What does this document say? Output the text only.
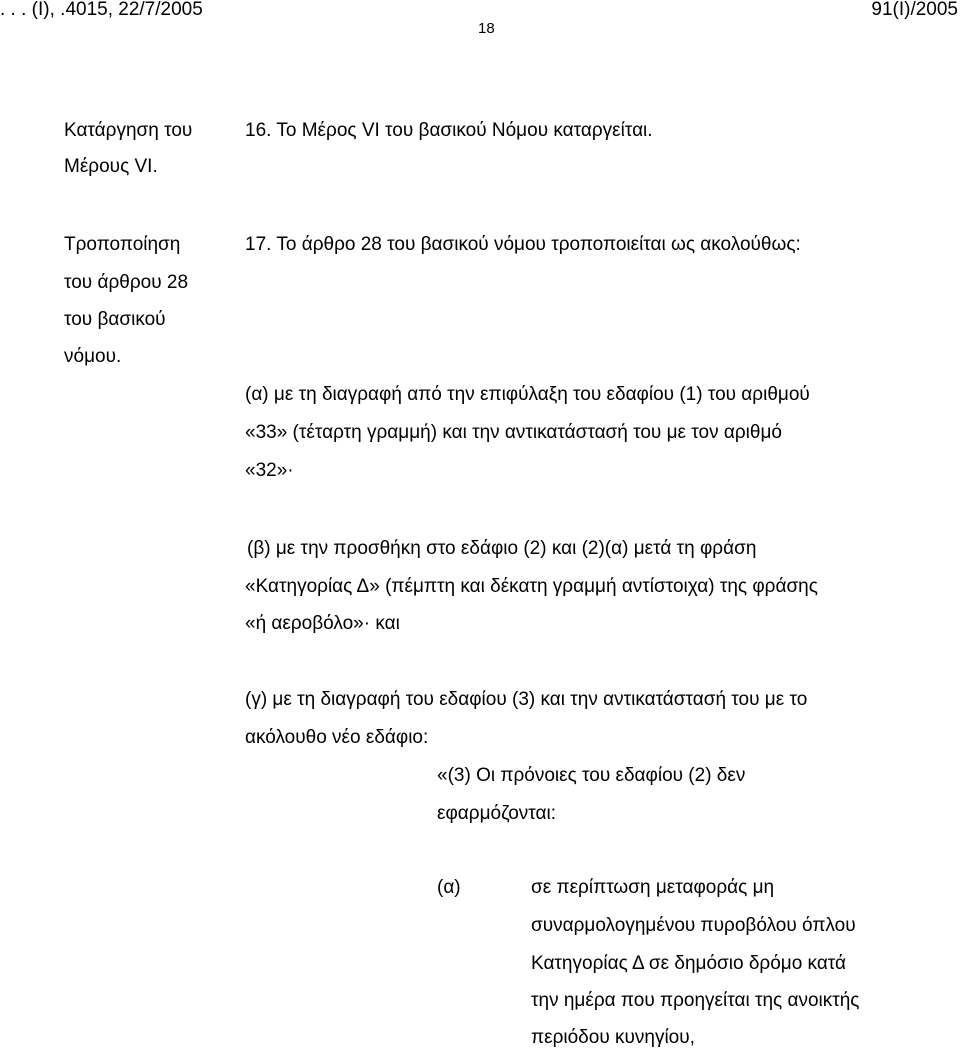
. . . (Ι), .4015, 22/7/2005	91(I)/2005
18
Κατάργηση του
Μέρους VI.
16. Το Μέρος VI του βασικού Νόμου καταργείται.
Τροποποίηση
του άρθρου 28
του βασικού
νόμου.
17. Το άρθρο 28 του βασικού νόμου τροποποιείται ως ακολούθως:
(α) με τη διαγραφή από την επιφύλαξη του εδαφίου (1) του αριθμού
«33» (τέταρτη γραμμή) και την αντικατάστασή του με τον αριθμό
«32»·
(β) με την προσθήκη στο εδάφιο (2) και (2)(α) μετά τη φράση
«Κατηγορίας Δ» (πέμπτη και δέκατη γραμμή αντίστοιχα) της φράσης
«ή αεροβόλο»· και
(γ) με τη διαγραφή του εδαφίου (3) και την αντικατάστασή του με το
ακόλουθο νέο εδάφιο:
«(3) Οι πρόνοιες του εδαφίου (2) δεν
εφαρμόζονται:
(α)	σε περίπτωση μεταφοράς μη
συναρμολογημένου πυροβόλου όπλου
Κατηγορίας Δ σε δημόσιο δρόμο κατά
την ημέρα που προηγείται της ανοικτής
περιόδου κυνηγίου,
